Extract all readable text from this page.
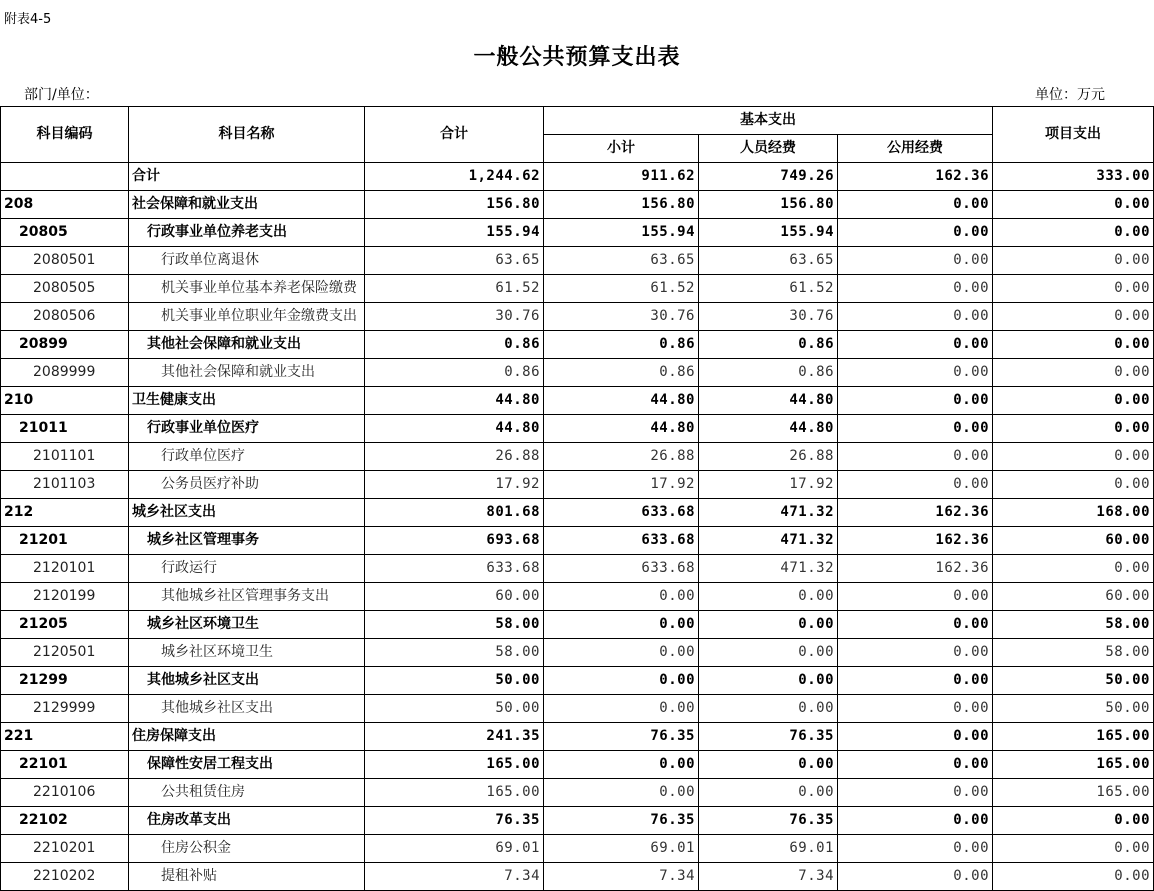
附表4-5
一般公共预算支出表
部门/单位：	单位：万元
科目编码	科目名称	合计	基本支出			项目支出
			小计	人员经费	公用经费	
	合计	1,244.62	911.62	749.26	162.36	333.00
208	社会保障和就业支出	156.80	156.80	156.80	0.00	0.00
20805	行政事业单位养老支出	155.94	155.94	155.94	0.00	0.00
2080501	行政单位离退休	63.65	63.65	63.65	0.00	0.00
2080505	机关事业单位基本养老保险缴费	61.52	61.52	61.52	0.00	0.00
2080506	机关事业单位职业年金缴费支出	30.76	30.76	30.76	0.00	0.00
20899	其他社会保障和就业支出	0.86	0.86	0.86	0.00	0.00
2089999	其他社会保障和就业支出	0.86	0.86	0.86	0.00	0.00
210	卫生健康支出	44.80	44.80	44.80	0.00	0.00
21011	行政事业单位医疗	44.80	44.80	44.80	0.00	0.00
2101101	行政单位医疗	26.88	26.88	26.88	0.00	0.00
2101103	公务员医疗补助	17.92	17.92	17.92	0.00	0.00
212	城乡社区支出	801.68	633.68	471.32	162.36	168.00
21201	城乡社区管理事务	693.68	633.68	471.32	162.36	60.00
2120101	行政运行	633.68	633.68	471.32	162.36	0.00
2120199	其他城乡社区管理事务支出	60.00	0.00	0.00	0.00	60.00
21205	城乡社区环境卫生	58.00	0.00	0.00	0.00	58.00
2120501	城乡社区环境卫生	58.00	0.00	0.00	0.00	58.00
21299	其他城乡社区支出	50.00	0.00	0.00	0.00	50.00
2129999	其他城乡社区支出	50.00	0.00	0.00	0.00	50.00
221	住房保障支出	241.35	76.35	76.35	0.00	165.00
22101	保障性安居工程支出	165.00	0.00	0.00	0.00	165.00
2210106	公共租赁住房	165.00	0.00	0.00	0.00	165.00
22102	住房改革支出	76.35	76.35	76.35	0.00	0.00
2210201	住房公积金	69.01	69.01	69.01	0.00	0.00
2210202	提租补贴	7.34	7.34	7.34	0.00	0.00
